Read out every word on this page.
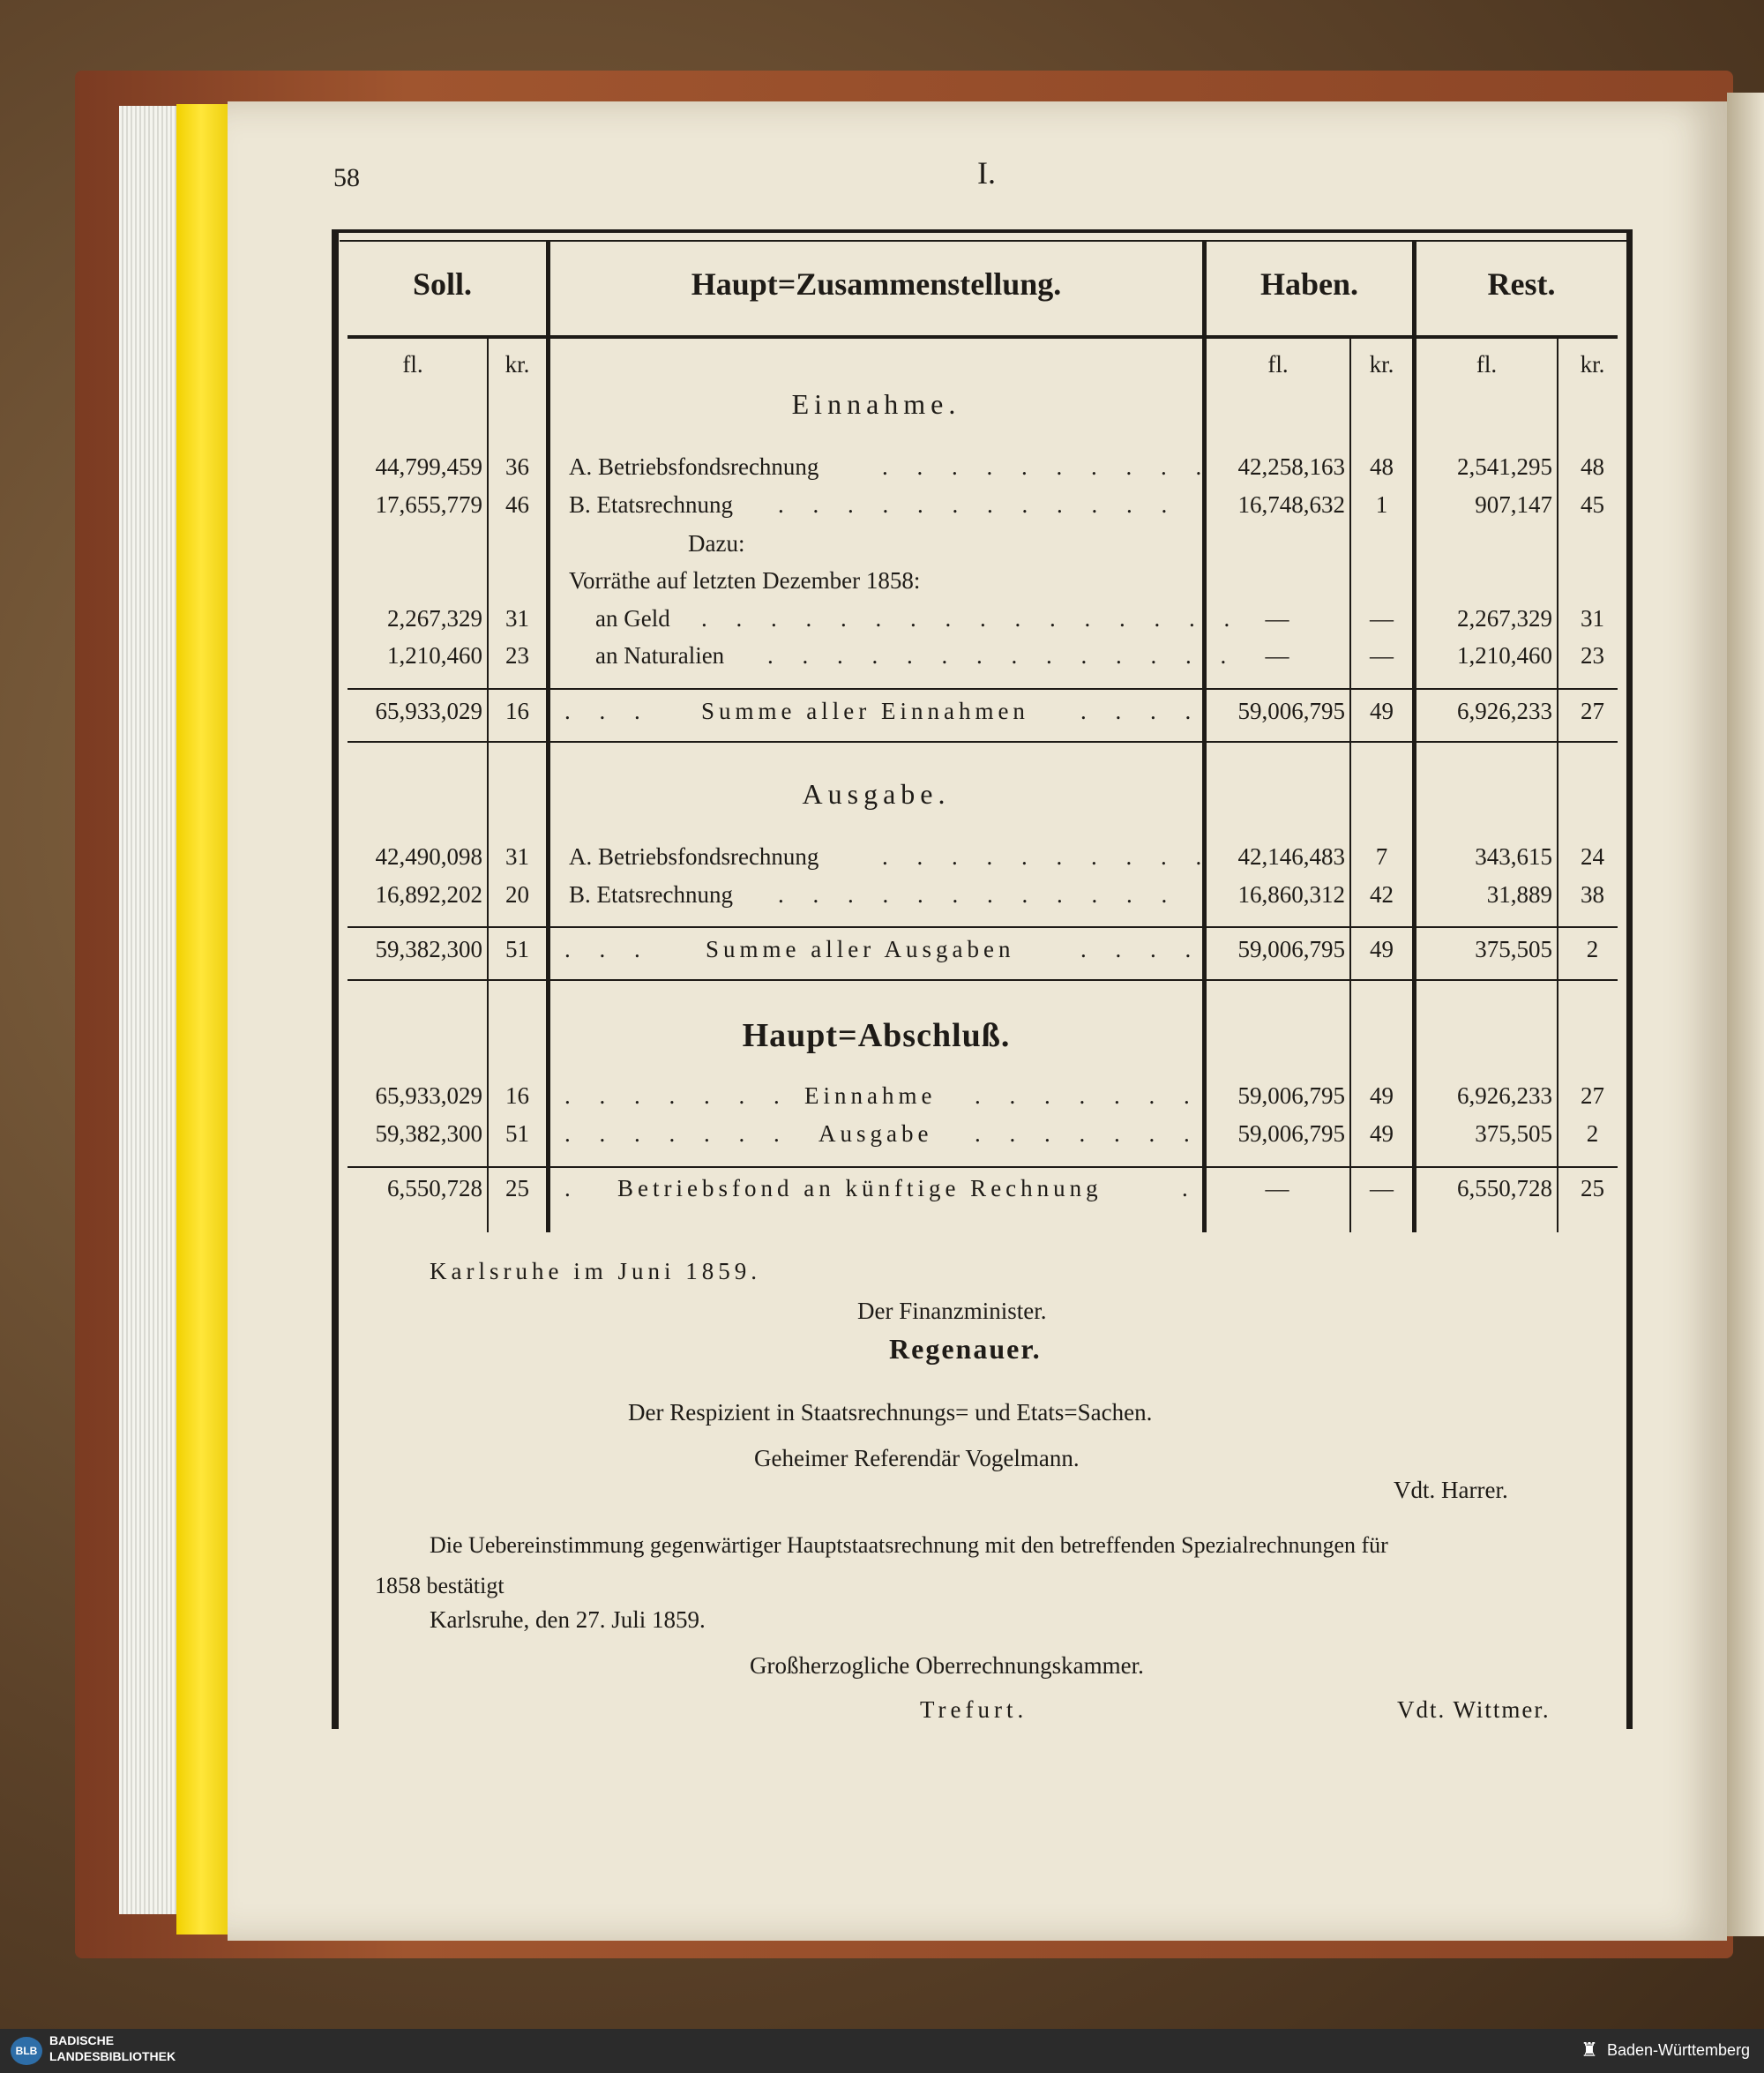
58	I.
Soll.	Haupt=Zusammenstellung.	Haben.	Rest.
fl.	kr.	fl.	kr.	fl.	kr.
Einnahme.
Ausgabe.
Haupt=Abschluß.
44,799,459 36	A. Betriebsfondsrechnung	. . . . . . . . . .	42,258,163	48	2,541,295	48
17,655,779 46	B. Etatsrechnung . . . . . . . . . . . .	16,748,632	1	907,147	45
Dazu:
Vorräthe auf letzten Dezember 1858:
2,267,329 31	an Geld . . . . . . . . . . . . . . . .	—	—	2,267,329	31
1,210,460 23	an Naturalien . . . . . . . . . . . . . .	—	—	1,210,460	23
65,933,029 16	. . . Summe aller Einnahmen . . . .	59,006,795	49	6,926,233	27
42,490,098 31	A. Betriebsfondsrechnung	. . . . . . . . . .	42,146,483	7	343,615	24
16,892,202 20	B. Etatsrechnung . . . . . . . . . . . .	16,860,312	42	31,889	38
59,382,300 51	. . . Summe aller Ausgaben	. . . .	59,006,795	49	375,505	2
65,933,029 16	. . . . . . . Einnahme . . . . . . .	59,006,795	49	6,926,233	27
59,382,300 51	. . . . . . . Ausgabe . . . . . . .	59,006,795	49	375,505	2
6,550,728 25	. Betriebsfond an künftige Rechnung	.	—	—	6,550,728	25
Karlsruhe im Juni 1859.
Der Finanzminister.
Regenauer.
Der Respizient in Staatsrechnungs= und Etats=Sachen.
Geheimer Referendär Vogelmann.
Vdt. Harrer.
Die Uebereinstimmung gegenwärtiger Hauptstaatsrechnung mit den betreffenden Spezialrechnungen für
1858 bestätigt
Karlsruhe, den 27. Juli 1859.
Großherzogliche Oberrechnungskammer.
Trefurt.	Vdt. Wittmer.
BLB
BADISCHE
LANDESBIBLIOTHEK	♜ Baden-Württemberg
